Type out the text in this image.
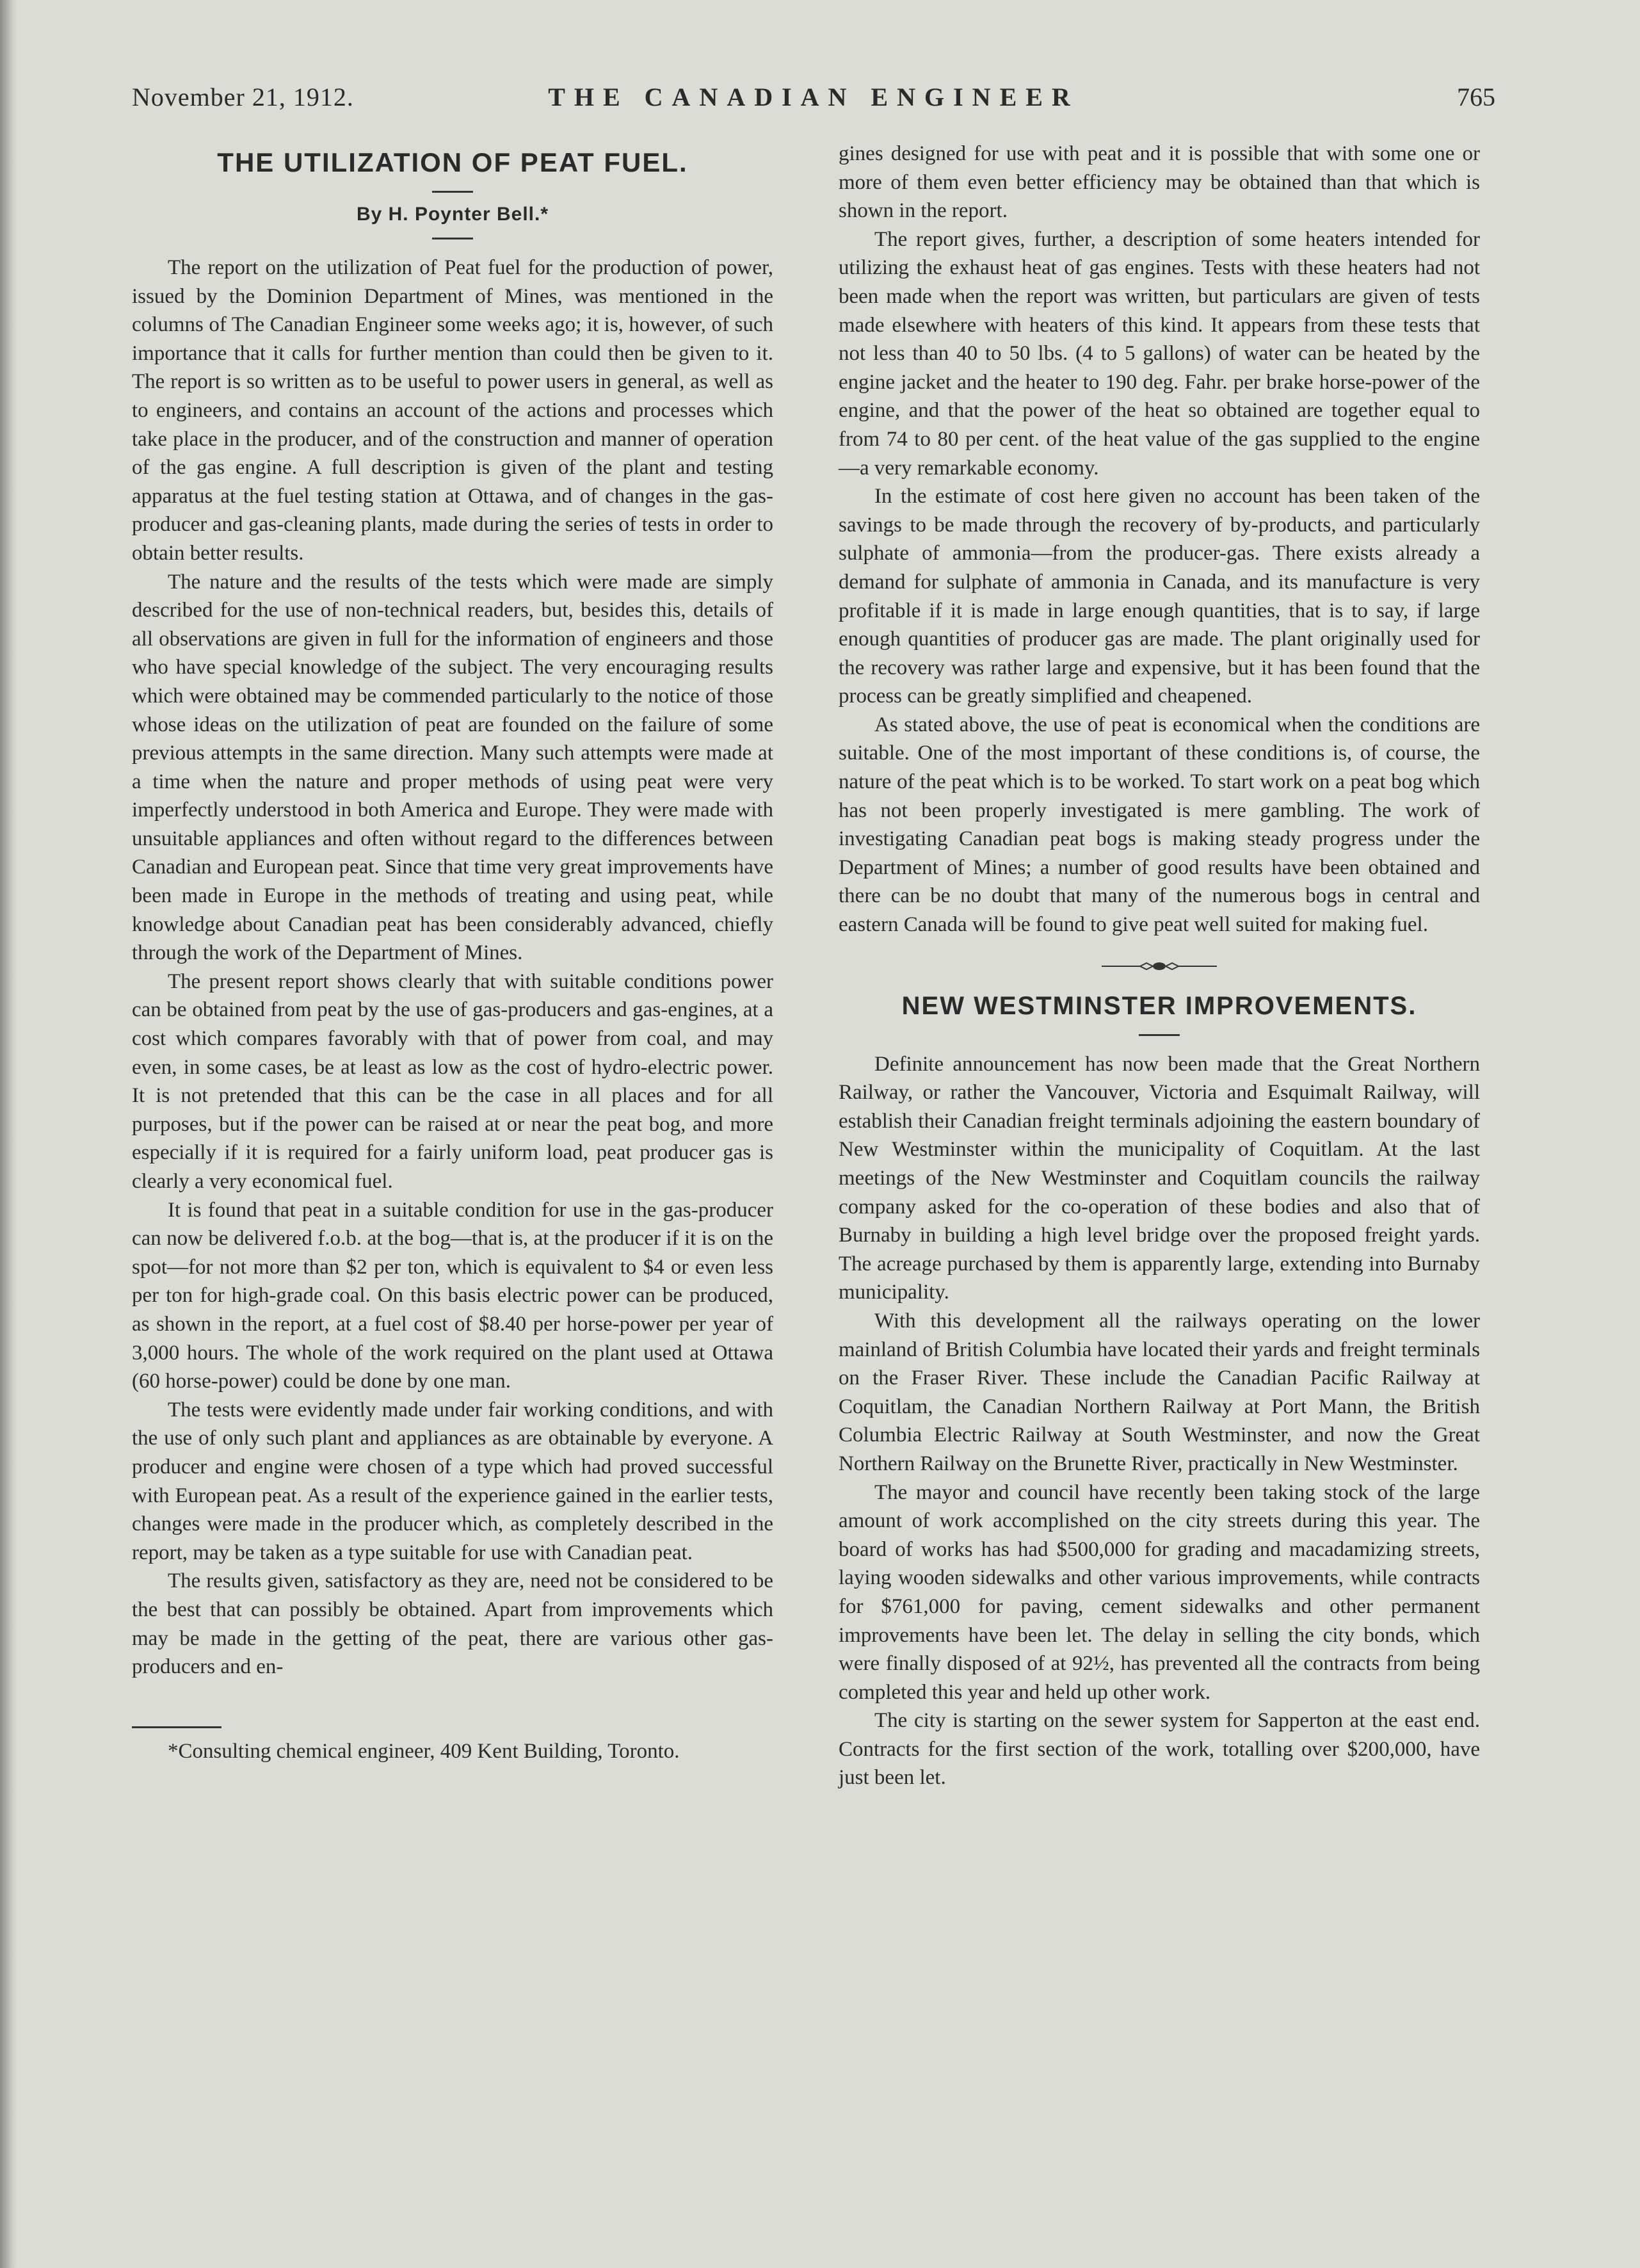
November 21, 1912.	THE CANADIAN ENGINEER	765
THE UTILIZATION OF PEAT FUEL.
By H. Poynter Bell.*

The report on the utilization of Peat fuel for the production of power, issued by the Dominion Department of Mines, was mentioned in the columns of The Canadian Engineer some weeks ago; it is, however, of such importance that it calls for further mention than could then be given to it. The report is so written as to be useful to power users in general, as well as to engineers, and contains an account of the actions and processes which take place in the producer, and of the construction and manner of operation of the gas engine. A full description is given of the plant and testing apparatus at the fuel testing station at Ottawa, and of changes in the gas-producer and gas-cleaning plants, made during the series of tests in order to obtain better results.

The nature and the results of the tests which were made are simply described for the use of non-technical readers, but, besides this, details of all observations are given in full for the information of engineers and those who have special knowledge of the subject. The very encouraging results which were obtained may be commended particularly to the notice of those whose ideas on the utilization of peat are founded on the failure of some previous attempts in the same direction. Many such attempts were made at a time when the nature and proper methods of using peat were very imperfectly understood in both America and Europe. They were made with unsuitable appliances and often without regard to the differences between Canadian and European peat. Since that time very great improvements have been made in Europe in the methods of treating and using peat, while knowledge about Canadian peat has been considerably advanced, chiefly through the work of the Department of Mines.

The present report shows clearly that with suitable conditions power can be obtained from peat by the use of gas-producers and gas-engines, at a cost which compares favorably with that of power from coal, and may even, in some cases, be at least as low as the cost of hydro-electric power. It is not pretended that this can be the case in all places and for all purposes, but if the power can be raised at or near the peat bog, and more especially if it is required for a fairly uniform load, peat producer gas is clearly a very economical fuel.

It is found that peat in a suitable condition for use in the gas-producer can now be delivered f.o.b. at the bog—that is, at the producer if it is on the spot—for not more than $2 per ton, which is equivalent to $4 or even less per ton for high-grade coal. On this basis electric power can be produced, as shown in the report, at a fuel cost of $8.40 per horse-power per year of 3,000 hours. The whole of the work required on the plant used at Ottawa (60 horse-power) could be done by one man.

The tests were evidently made under fair working conditions, and with the use of only such plant and appliances as are obtainable by everyone. A producer and engine were chosen of a type which had proved successful with European peat. As a result of the experience gained in the earlier tests, changes were made in the producer which, as completely described in the report, may be taken as a type suitable for use with Canadian peat.

The results given, satisfactory as they are, need not be considered to be the best that can possibly be obtained. Apart from improvements which may be made in the getting of the peat, there are various other gas-producers and en-

*Consulting chemical engineer, 409 Kent Building, Toronto.

gines designed for use with peat and it is possible that with some one or more of them even better efficiency may be obtained than that which is shown in the report.

The report gives, further, a description of some heaters intended for utilizing the exhaust heat of gas engines. Tests with these heaters had not been made when the report was written, but particulars are given of tests made elsewhere with heaters of this kind. It appears from these tests that not less than 40 to 50 lbs. (4 to 5 gallons) of water can be heated by the engine jacket and the heater to 190 deg. Fahr. per brake horse-power of the engine, and that the power of the heat so obtained are together equal to from 74 to 80 per cent. of the heat value of the gas supplied to the engine —a very remarkable economy.

In the estimate of cost here given no account has been taken of the savings to be made through the recovery of by-products, and particularly sulphate of ammonia—from the producer-gas. There exists already a demand for sulphate of ammonia in Canada, and its manufacture is very profitable if it is made in large enough quantities, that is to say, if large enough quantities of producer gas are made. The plant originally used for the recovery was rather large and expensive, but it has been found that the process can be greatly simplified and cheapened.

As stated above, the use of peat is economical when the conditions are suitable. One of the most important of these conditions is, of course, the nature of the peat which is to be worked. To start work on a peat bog which has not been properly investigated is mere gambling. The work of investigating Canadian peat bogs is making steady progress under the Department of Mines; a number of good results have been obtained and there can be no doubt that many of the numerous bogs in central and eastern Canada will be found to give peat well suited for making fuel.

NEW WESTMINSTER IMPROVEMENTS.

Definite announcement has now been made that the Great Northern Railway, or rather the Vancouver, Victoria and Esquimalt Railway, will establish their Canadian freight terminals adjoining the eastern boundary of New Westminster within the municipality of Coquitlam. At the last meetings of the New Westminster and Coquitlam councils the railway company asked for the co-operation of these bodies and also that of Burnaby in building a high level bridge over the proposed freight yards. The acreage purchased by them is apparently large, extending into Burnaby municipality.

With this development all the railways operating on the lower mainland of British Columbia have located their yards and freight terminals on the Fraser River. These include the Canadian Pacific Railway at Coquitlam, the Canadian Northern Railway at Port Mann, the British Columbia Electric Railway at South Westminster, and now the Great Northern Railway on the Brunette River, practically in New Westminster.

The mayor and council have recently been taking stock of the large amount of work accomplished on the city streets during this year. The board of works has had $500,000 for grading and macadamizing streets, laying wooden sidewalks and other various improvements, while contracts for $761,000 for paving, cement sidewalks and other permanent improvements have been let. The delay in selling the city bonds, which were finally disposed of at 92½, has prevented all the contracts from being completed this year and held up other work.

The city is starting on the sewer system for Sapperton at the east end. Contracts for the first section of the work, totalling over $200,000, have just been let.
